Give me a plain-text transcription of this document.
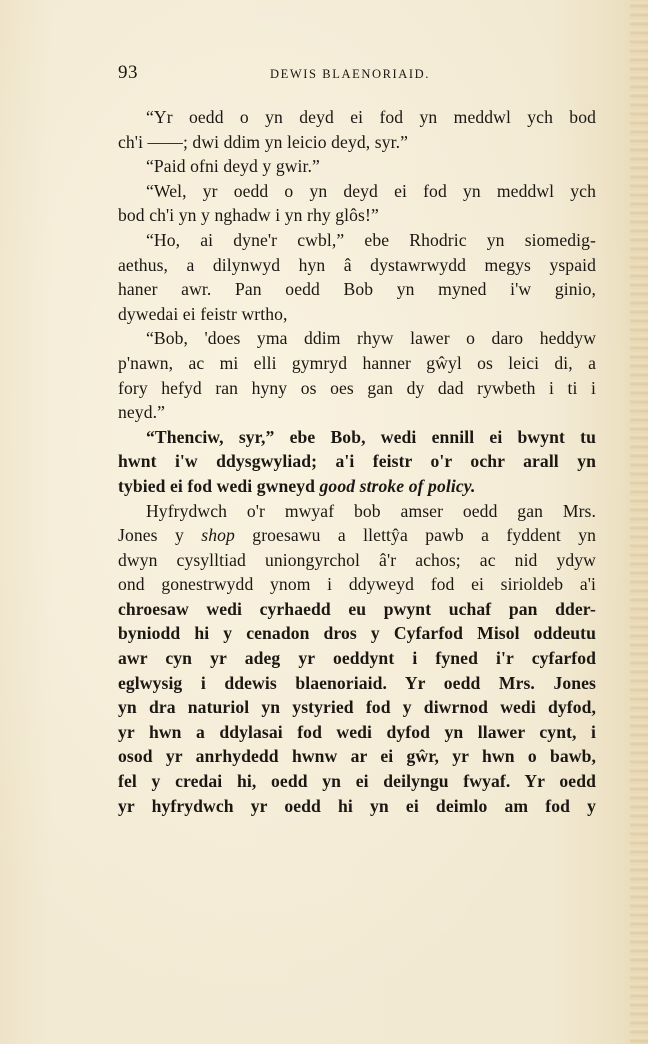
93	DEWIS BLAENORIAID.
“Yr oedd o yn deyd ei fod yn meddwl ych bod
ch'i ——; dwi ddim yn leicio deyd, syr.”
“Paid ofni deyd y gwir.”
“Wel, yr oedd o yn deyd ei fod yn meddwl ych
bod ch'i yn y nghadw i yn rhy glôs!”
“Ho, ai dyne'r cwbl,” ebe Rhodric yn siomedig-
aethus, a dilynwyd hyn â dystawrwydd megys yspaid
haner awr. Pan oedd Bob yn myned i'w ginio,
dywedai ei feistr wrtho,
“Bob, 'does yma ddim rhyw lawer o daro heddyw
p'nawn, ac mi elli gymryd hanner gŵyl os leici di, a
fory hefyd ran hyny os oes gan dy dad rywbeth i ti i
neyd.”
“Thenciw, syr,” ebe Bob, wedi ennill ei bwynt tu
hwnt i'w ddysgwyliad; a'i feistr o'r ochr arall yn
tybied ei fod wedi gwneyd good stroke of policy.
Hyfrydwch o'r mwyaf bob amser oedd gan Mrs.
Jones y shop groesawu a llettŷa pawb a fyddent yn
dwyn cysylltiad uniongyrchol â'r achos; ac nid ydyw
ond gonestrwydd ynom i ddyweyd fod ei sirioldeb a'i
chroesaw wedi cyrhaedd eu pwynt uchaf pan dder-
byniodd hi y cenadon dros y Cyfarfod Misol oddeutu
awr cyn yr adeg yr oeddynt i fyned i'r cyfarfod
eglwysig i ddewis blaenoriaid. Yr oedd Mrs. Jones
yn dra naturiol yn ystyried fod y diwrnod wedi dyfod,
yr hwn a ddylasai fod wedi dyfod yn llawer cynt, i
osod yr anrhydedd hwnw ar ei gŵr, yr hwn o bawb,
fel y credai hi, oedd yn ei deilyngu fwyaf. Yr oedd
yr hyfrydwch yr oedd hi yn ei deimlo am fod y
